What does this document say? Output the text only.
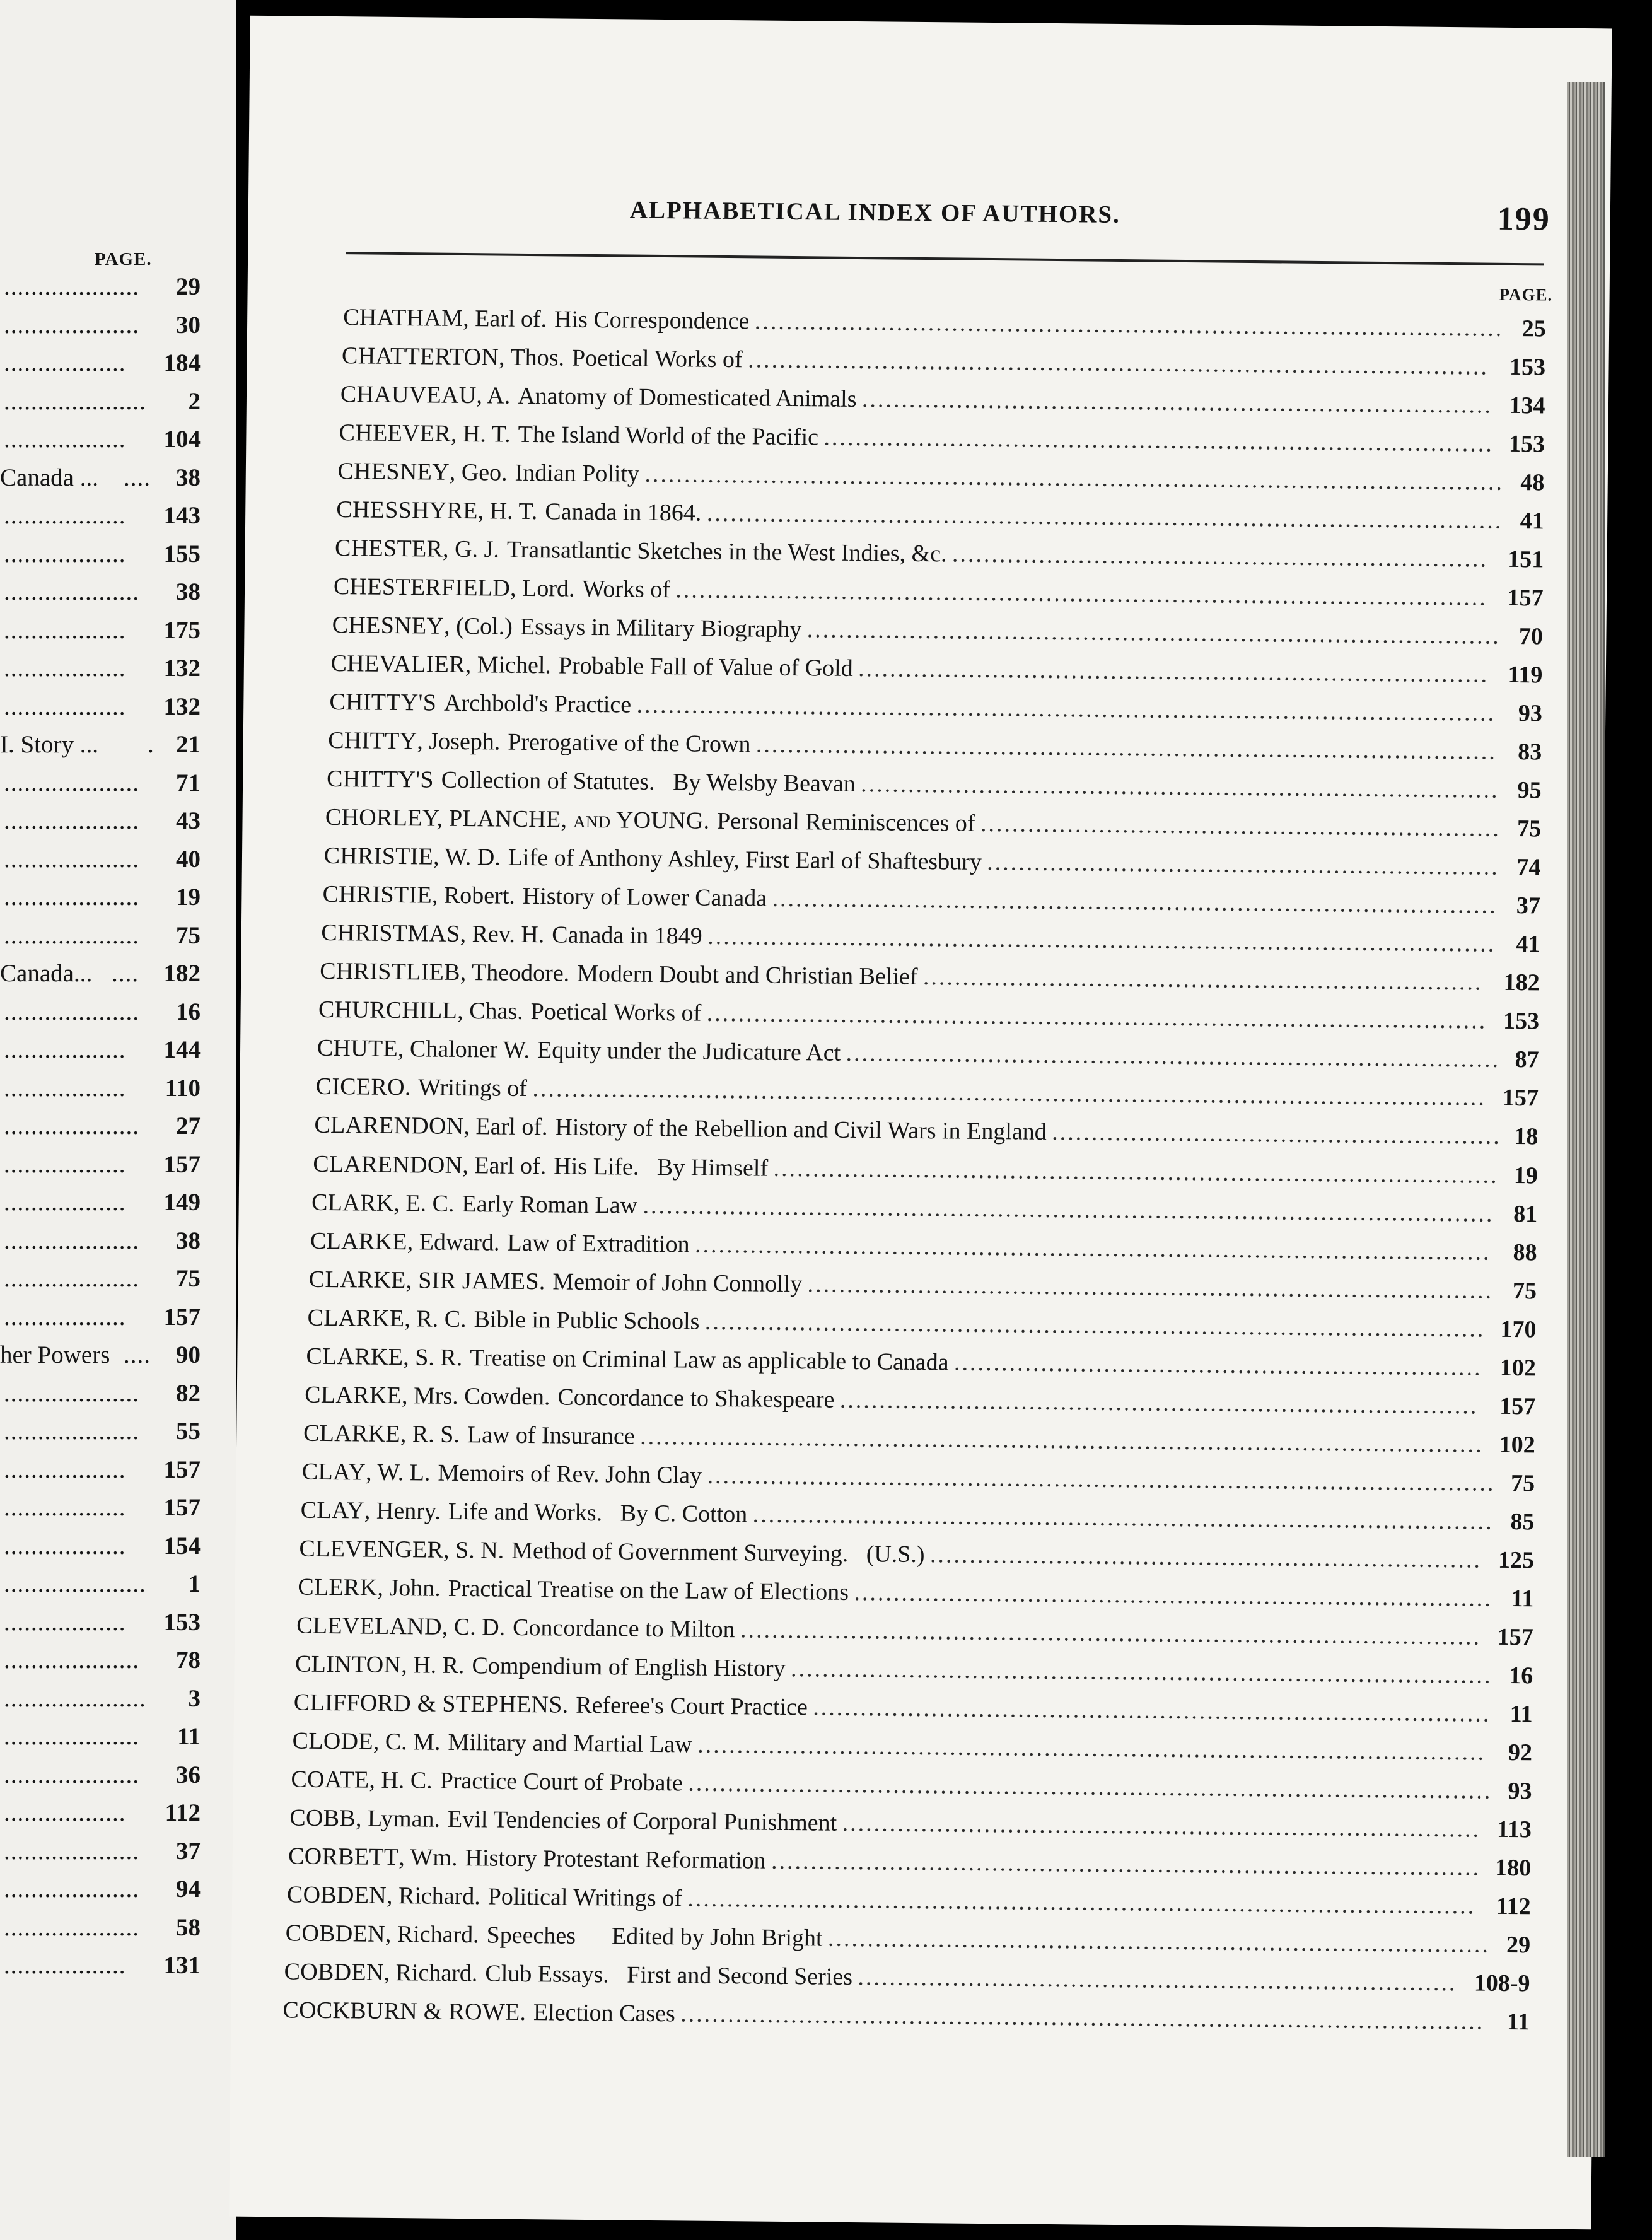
PAGE.
.................... 29
.................... 30
.................. 184
..................... 2
.................. 104
Canada ... .... 38
.................. 143
.................. 155
.................... 38
.................. 175
.................. 132
.................. 132
I. Story ... . 21
.................... 71
.................... 43
.................... 40
.................... 19
.................... 75
Canada... .... 182
.................... 16
.................. 144
.................. 110
.................... 27
.................. 157
.................. 149
.................... 38
.................... 75
.................. 157
her Powers .... 90
.................... 82
.................... 55
.................. 157
.................. 157
.................. 154
..................... 1
.................. 153
.................... 78
..................... 3
.................... 11
.................... 36
.................. 112
.................... 37
.................... 94
.................... 58
.................. 131
ALPHABETICAL INDEX OF AUTHORS.	199
PAGE.
CHATHAM, Earl of. His Correspondence	25
...............................................................................................
CHATTERTON, Thos. Poetical Works of	153
..............................................................................................
CHAUVEAU, A. Anatomy of Domesticated Animals	134
................................................................................
CHEEVER, H. T. The Island World of the Pacific	153
.....................................................................................
CHESNEY, Geo. Indian Polity	48
.............................................................................................................
CHESSHYRE, H. T. Canada in 1864.	41
.....................................................................................................
CHESTER, G. J. Transatlantic Sketches in the West Indies, &c.	151
....................................................................
CHESTERFIELD, Lord. Works of	157
.......................................................................................................
CHESNEY, (Col.) Essays in Military Biography	70
........................................................................................
CHEVALIER, Michel. Probable Fall of Value of Gold	119
................................................................................
CHITTY'S Archbold's Practice	93
.............................................................................................................
CHITTY, Joseph. Prerogative of the Crown	83
..............................................................................................
CHITTY'S Collection of Statutes.   By Welsby Beavan	95
.................................................................................
CHORLEY, PLANCHE, and YOUNG. Personal Reminiscences of	75
..................................................................
CHRISTIE, W. D. Life of Anthony Ashley, First Earl of Shaftesbury	74
.................................................................
CHRISTIE, Robert. History of Lower Canada	37
............................................................................................
CHRISTMAS, Rev. H. Canada in 1849	41
....................................................................................................
CHRISTLIEB, Theodore. Modern Doubt and Christian Belief	182
.......................................................................
CHURCHILL, Chas. Poetical Works of	153
...................................................................................................
CHUTE, Chaloner W. Equity under the Judicature Act	87
...................................................................................
CICERO. Writings of	157
.........................................................................................................................
CLARENDON, Earl of. History of the Rebellion and Civil Wars in England	18
.........................................................
CLARENDON, Earl of. His Life.   By Himself	19
............................................................................................
CLARK, E. C. Early Roman Law	81
............................................................................................................
CLARKE, Edward. Law of Extradition	88
.....................................................................................................
CLARKE, SIR JAMES. Memoir of John Connolly	75
.......................................................................................
CLARKE, R. C. Bible in Public Schools	170
...................................................................................................
CLARKE, S. R. Treatise on Criminal Law as applicable to Canada	102
...................................................................
CLARKE, Mrs. Cowden. Concordance to Shakespeare	157
.................................................................................
CLARKE, R. S. Law of Insurance	102
...........................................................................................................
CLAY, W. L. Memoirs of Rev. John Clay	75
....................................................................................................
CLAY, Henry. Life and Works.   By C. Cotton	85
..............................................................................................
CLEVENGER, S. N. Method of Government Surveying.   (U.S.)	125
......................................................................
CLERK, John. Practical Treatise on the Law of Elections	11
.................................................................................
CLEVELAND, C. D. Concordance to Milton	157
..............................................................................................
CLINTON, H. R. Compendium of English History	16
.........................................................................................
CLIFFORD & STEPHENS. Referee's Court Practice	11
......................................................................................
CLODE, C. M. Military and Martial Law	92
....................................................................................................
COATE, H. C. Practice Court of Probate	93
......................................................................................................
COBB, Lyman. Evil Tendencies of Corporal Punishment	113
.................................................................................
CORBETT, Wm. History Protestant Reformation	180
..........................................................................................
COBDEN, Richard. Political Writings of	112
....................................................................................................
COBDEN, Richard. Speeches      Edited by John Bright	29
....................................................................................
COBDEN, Richard. Club Essays.   First and Second Series	108-9
............................................................................
COCKBURN & ROWE. Election Cases	11
......................................................................................................
